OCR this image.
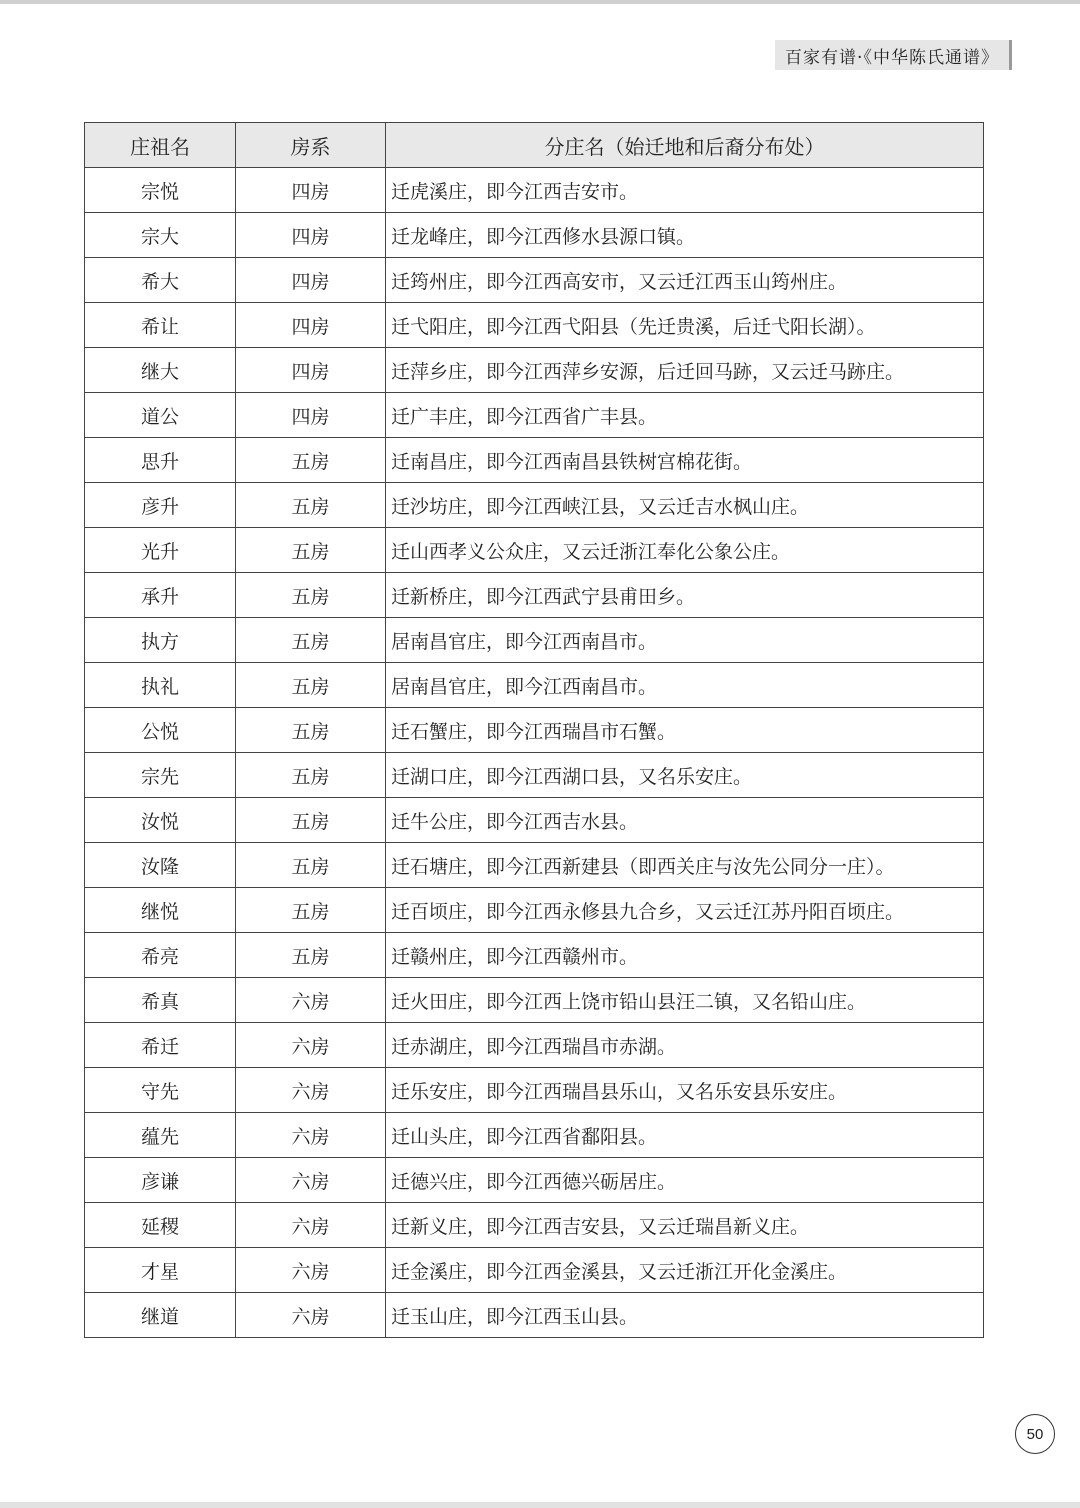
百家有谱·《中华陈氏通谱》
庄祖名	房系	分庄名（始迁地和后裔分布处）
宗悦	四房	迁虎溪庄，即今江西吉安市。
宗大	四房	迁龙峰庄，即今江西修水县源口镇。
希大	四房	迁筠州庄，即今江西高安市，又云迁江西玉山筠州庄。
希让	四房	迁弋阳庄，即今江西弋阳县（先迁贵溪，后迁弋阳长湖）。
继大	四房	迁萍乡庄，即今江西萍乡安源，后迁回马跡，又云迁马跡庄。
道公	四房	迁广丰庄，即今江西省广丰县。
思升	五房	迁南昌庄，即今江西南昌县铁树宫棉花街。
彦升	五房	迁沙坊庄，即今江西峡江县，又云迁吉水枫山庄。
光升	五房	迁山西孝义公众庄，又云迁浙江奉化公象公庄。
承升	五房	迁新桥庄，即今江西武宁县甫田乡。
执方	五房	居南昌官庄，即今江西南昌市。
执礼	五房	居南昌官庄，即今江西南昌市。
公悦	五房	迁石蟹庄，即今江西瑞昌市石蟹。
宗先	五房	迁湖口庄，即今江西湖口县，又名乐安庄。
汝悦	五房	迁牛公庄，即今江西吉水县。
汝隆	五房	迁石塘庄，即今江西新建县（即西关庄与汝先公同分一庄）。
继悦	五房	迁百顷庄，即今江西永修县九合乡，又云迁江苏丹阳百顷庄。
希亮	五房	迁赣州庄，即今江西赣州市。
希真	六房	迁火田庄，即今江西上饶市铅山县汪二镇，又名铅山庄。
希迁	六房	迁赤湖庄，即今江西瑞昌市赤湖。
守先	六房	迁乐安庄，即今江西瑞昌县乐山，又名乐安县乐安庄。
蕴先	六房	迁山头庄，即今江西省鄱阳县。
彦谦	六房	迁德兴庄，即今江西德兴砺居庄。
延稷	六房	迁新义庄，即今江西吉安县，又云迁瑞昌新义庄。
才星	六房	迁金溪庄，即今江西金溪县，又云迁浙江开化金溪庄。
继道	六房	迁玉山庄，即今江西玉山县。
50
